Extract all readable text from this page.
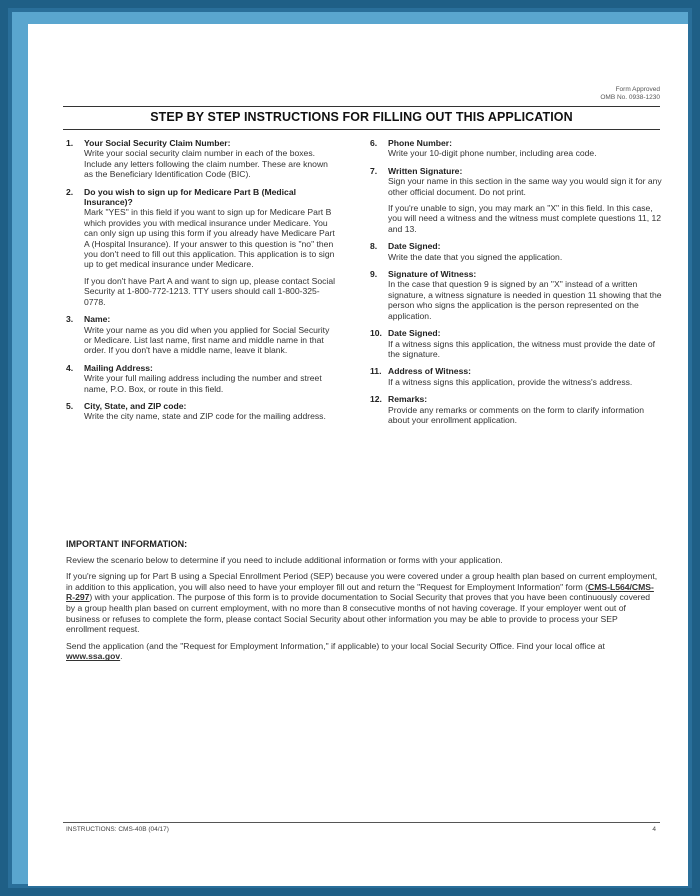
Form Approved
OMB No. 0938-1230
STEP BY STEP INSTRUCTIONS FOR FILLING OUT THIS APPLICATION
1. Your Social Security Claim Number:

Write your social security claim number in each of the boxes. Include any letters following the claim number. These are known as the Beneficiary Identification Code (BIC).

2. Do you wish to sign up for Medicare Part B (Medical Insurance)?

Mark "YES" in this field if you want to sign up for Medicare Part B which provides you with medical insurance under Medicare. You can only sign up using this form if you already have Medicare Part A (Hospital Insurance). If your answer to this question is "no" then you don't need to fill out this application. This application is to sign up to get medical insurance under Medicare.

If you don't have Part A and want to sign up, please contact Social Security at 1-800-772-1213. TTY users should call 1-800-325-0778.

3. Name:

Write your name as you did when you applied for Social Security or Medicare. List last name, first name and middle name in that order. If you don't have a middle name, leave it blank.

4. Mailing Address:

Write your full mailing address including the number and street name, P.O. Box, or route in this field.

5. City, State, and ZIP code:

Write the city name, state and ZIP code for the mailing address.

6. Phone Number:

Write your 10-digit phone number, including area code.

7. Written Signature:

Sign your name in this section in the same way you would sign it for any other official document. Do not print.

If you're unable to sign, you may mark an "X" in this field. In this case, you will need a witness and the witness must complete questions 11, 12 and 13.

8. Date Signed:

Write the date that you signed the application.

9. Signature of Witness:

In the case that question 9 is signed by an "X" instead of a written signature, a witness signature is needed in question 11 showing that the person who signs the application is the person represented on the application.

10. Date Signed:

If a witness signs this application, the witness must provide the date of the signature.

11. Address of Witness:

If a witness signs this application, provide the witness's address.

12. Remarks:

Provide any remarks or comments on the form to clarify information about your enrollment application.

IMPORTANT INFORMATION:

Review the scenario below to determine if you need to include additional information or forms with your application.

If you're signing up for Part B using a Special Enrollment Period (SEP) because you were covered under a group health plan based on current employment, in addition to this application, you will also need to have your employer fill out and return the "Request for Employment Information" form (CMS-L564/CMS-R-297) with your application. The purpose of this form is to provide documentation to Social Security that proves that you have been continuously covered by a group health plan based on current employment, with no more than 8 consecutive months of not having coverage. If your employer went out of business or refuses to complete the form, please contact Social Security about other information you may be able to provide to process your SEP enrollment request.

Send the application (and the "Request for Employment Information," if applicable) to your local Social Security Office. Find your local office at www.ssa.gov.

INSTRUCTIONS: CMS-40B (04/17)	4
